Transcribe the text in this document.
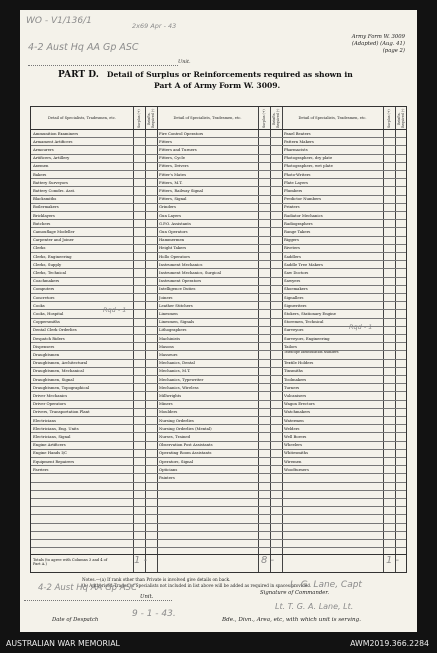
WO - V1/136/1	2x69 Apr - 43
4-2 Aust Hq AA Gp ASC
Army Form W. 3009
(Adapted) (Aug. 41)
(page 2)
Unit.
PART D. Detail of Surplus or Reinforcements required as shown in
Part A of Army Form W. 3009.
Detail of Specialists, Tradesmen, etc.	Surplus (+)	Reinfts. Required (-)	Detail of Specialists, Tradesmen, etc.	Surplus (+)	Reinfts. Required (-)	Detail of Specialists, Tradesmen, etc.	Surplus (+)	Reinfts. Required (-)
Rqd - 1
Rqd - 1
Totals (to agree with Columns 3 and 4 of Part A.)	1 -	8 -	1 -
Ammunition Examiners
Armament Artificers
Armourers
Artificers, Artillery
Axemen
Bakers
Battery Surveyors
Battery Comdrs. Asst.
Blacksmiths
Boilermakers
Bricklayers
Butchers
Camouflage Modeller
Carpenter and Joiner
Clerks
Clerks, Engineering
Clerks, Supply
Clerks, Technical
Coachmakers
Computers
Concretors
Cooks
Cooks, Hospital
Coppersmiths
Dental Clerk Orderlies
Despatch Riders
Dispensers
Draughtsmen
Draughtsmen, Architectural
Draughtsmen, Mechanical
Draughtsmen, Signal
Draughtsmen, Topographical
Driver Mechanics
Driver Operators
Drivers, Transportation Plant
Electricians
Electricians, Eng. Units
Electricians, Signal
Engine Artificers
Engine Hands I/C
Equipment Repairers
Farriers
Fire Control Operators
Fitters
Fitters and Turners
Fitters, Cycle
Fitters, Drivers
Fitter's Mates
Fitters, M.T.
Fitters, Railway Signal
Fitters, Signal
Grinders
Gun Layers
G.P.O. Assistants
Gun Operators
Hammermen
Height Takers
Hollo Operators
Instrument Mechanics
Instrument Mechanics, Surgical
Instrument Operators
Intelligence Duties
Joiners
Leather Stitchers
Linesmen
Linesmen, Signals
Lithographers
Machinists
Masons
Masseurs
Mechanics, Dental
Mechanics, M.T.
Mechanics, Typewriter
Mechanics, Wireless
Millwrights
Miners
Moulders
Nursing Orderlies
Nursing Orderlies (Mental)
Nurses, Trained
Observation Post Assistants
Operating Room Assistants
Operators, Signal
Opticians
Painters
Panel Beaters
Pattern Makers
Pharmacists
Photographers, dry plate
Photographers, wet plate
Photo-Writers
Plate Layers
Plumbers
Predictor Numbers
Printers
Radiator Mechanics
Radiographers
Range Takers
Riggers
Riveters
Saddlers
Saddle Tree Makers
Saw Doctors
Sawyers
Shoemakers
Signallers
Signwriters
Stokers, Stationary Engine
Storemen, Technical
Surveyors
Surveyors, Engineering
Tailors
Telescope Identification Numbers
Textile Holders
Tinsmiths
Toolmakers
Turners
Vulcanisers
Wagon Erectors
Watchmakers
Watermen
Welders
Well Borers
Wheelers
Whitesmiths
Wiremen
Woodturners
Notes.—(a) If rank other than Private is involved give details on back.
(b) Authorised Trades or Specialists not included in list above will be added as required in spaces provided.
4-2 Aust Hq AA Gp ASC	L. G. Lane, Capt
Signature of Commander.
Unit.
Lt. T. G. A. Lane, Lt.
9 - 1 - 43.
Date of Despatch	Bde., Divn., Area, etc, with which unit is serving.
AUSTRALIAN WAR MEMORIAL	AWM2019.366.2284
